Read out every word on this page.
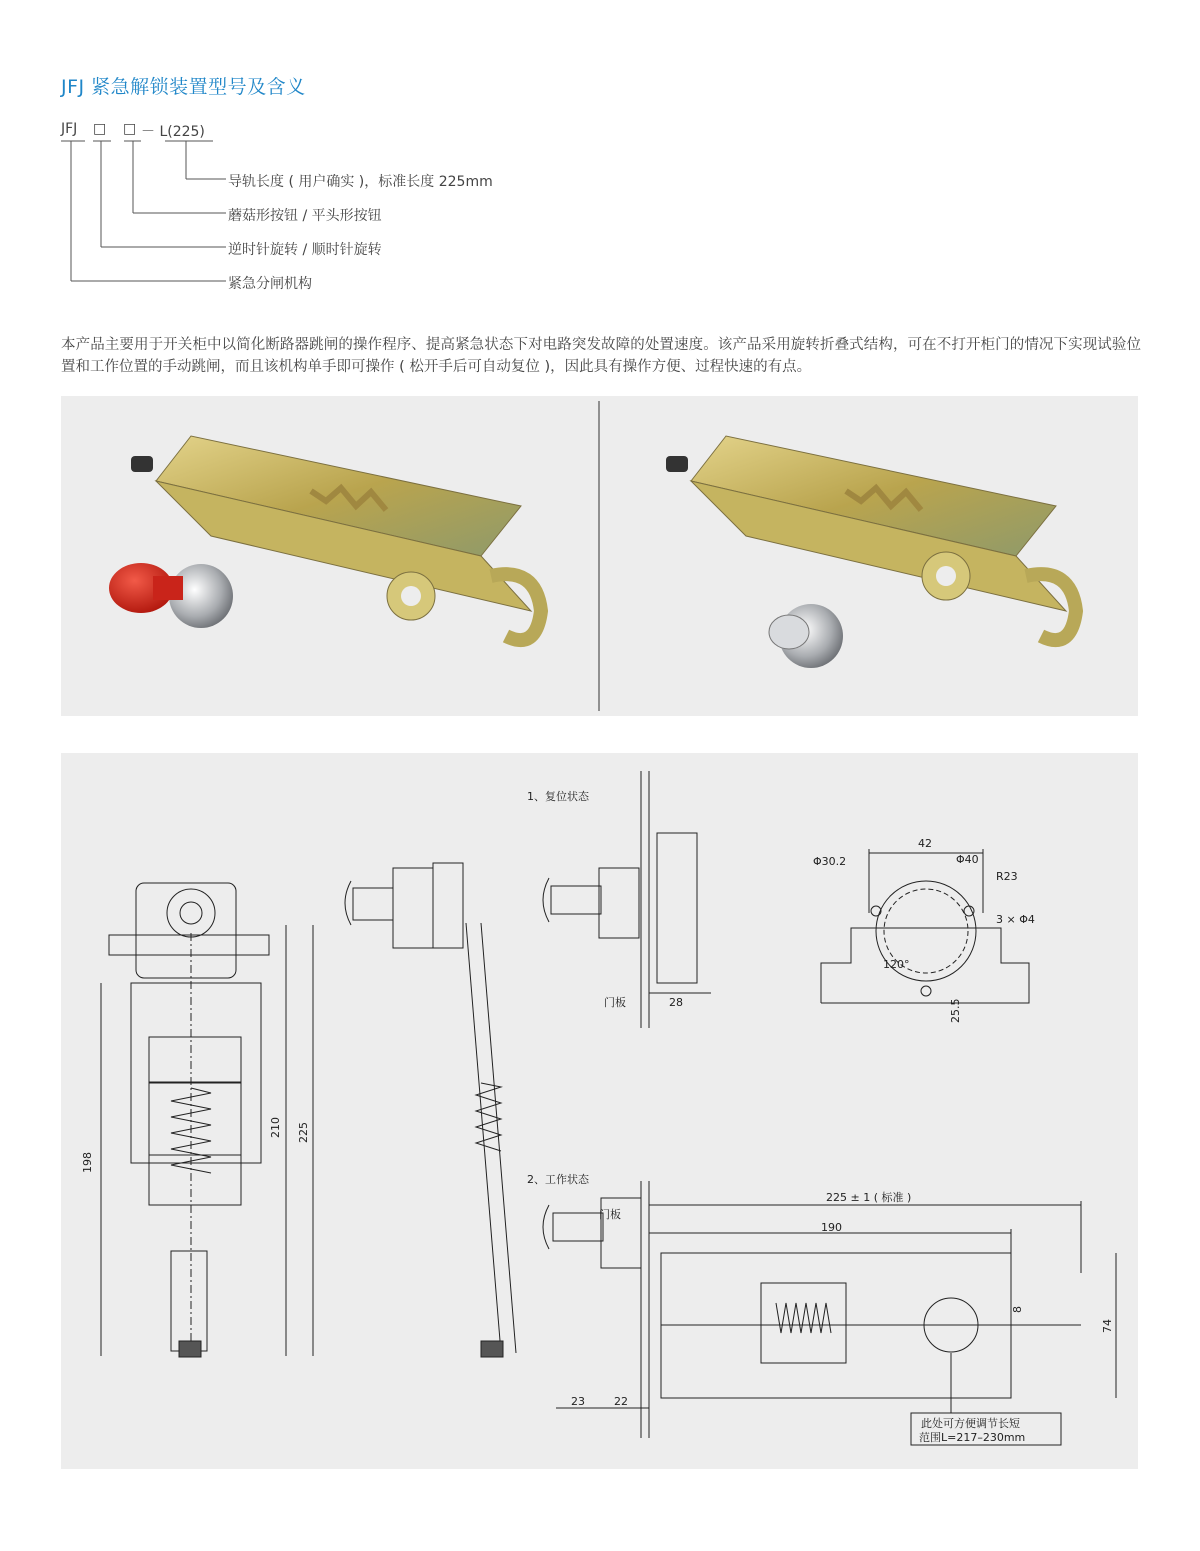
JFJ 紧急解锁装置型号及含义
JFJ □ □ － L(225)
导轨长度 ( 用户确实 )，标准长度 225mm
蘑菇形按钮 / 平头形按钮
逆时针旋转 / 顺时针旋转
紧急分闸机构

本产品主要用于开关柜中以简化断路器跳闸的操作程序、提高紧急状态下对电路突发故障的处置速度。该产品采用旋转折叠式结构，可在不打开柜门的情况下实现试验位置和工作位置的手动跳闸，而且该机构单手即可操作 ( 松开手后可自动复位 )，因此具有操作方便、过程快速的有点。

1、复位状态
2、工作状态
门板
门板
28
42
Φ30.2	Φ40
R23
3 × Φ4
120°
25.5
198
210 225
225 ± 1 ( 标准 )
190
8
74
23	22
此处可方便调节长短
范围L=217–230mm
